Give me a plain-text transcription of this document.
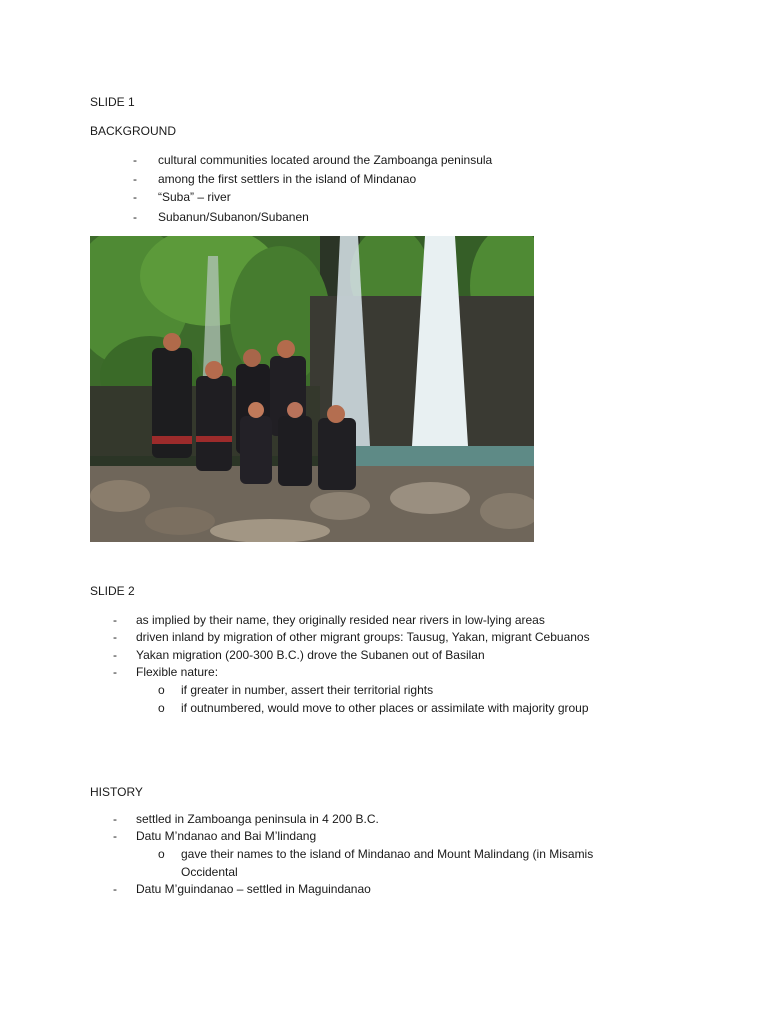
SLIDE 1
BACKGROUND
- cultural communities located around the Zamboanga peninsula
- among the first settlers in the island of Mindanao
- “Suba” – river
- Subanun/Subanon/Subanen
SLIDE 2
- as implied by their name, they originally resided near rivers in low-lying areas
- driven inland by migration of other migrant groups: Tausug, Yakan, migrant Cebuanos
- Yakan migration (200-300 B.C.) drove the Subanen out of Basilan
- Flexible nature:
o if greater in number, assert their territorial rights
o if outnumbered, would move to other places or assimilate with majority group
HISTORY
- settled in Zamboanga peninsula in 4 200 B.C.
- Datu M’ndanao and Bai M’lindang
o gave their names to the island of Mindanao and Mount Malindang (in Misamis
Occidental
- Datu M’guindanao – settled in Maguindanao
